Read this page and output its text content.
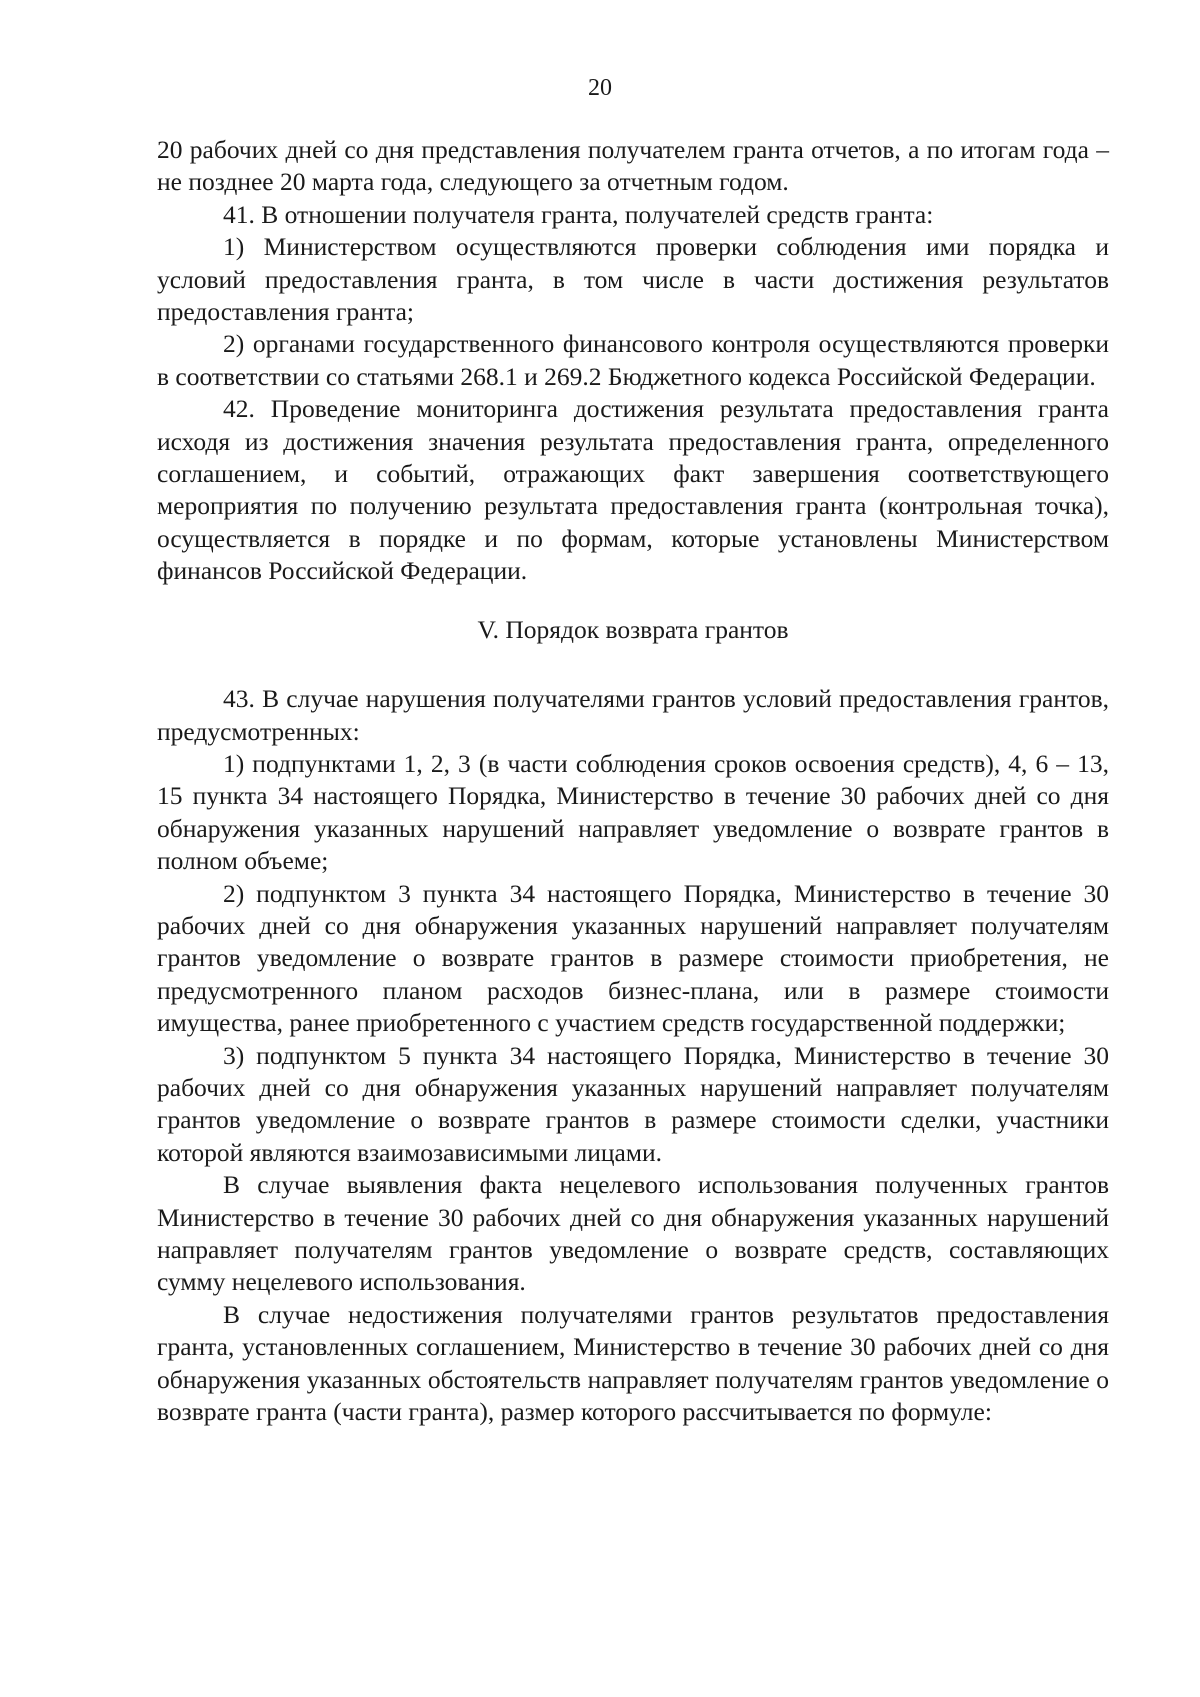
20

20 рабочих дней со дня представления получателем гранта отчетов, а по итогам года – не позднее 20 марта года, следующего за отчетным годом.

41. В отношении получателя гранта, получателей средств гранта:

1) Министерством осуществляются проверки соблюдения ими порядка и условий предоставления гранта, в том числе в части достижения результатов предоставления гранта;

2) органами государственного финансового контроля осуществляются проверки в соответствии со статьями 268.1 и 269.2 Бюджетного кодекса Российской Федерации.

42. Проведение мониторинга достижения результата предоставления гранта исходя из достижения значения результата предоставления гранта, определенного соглашением, и событий, отражающих факт завершения соответствующего мероприятия по получению результата предоставления гранта (контрольная точка), осуществляется в порядке и по формам, которые установлены Министерством финансов Российской Федерации.

V. Порядок возврата грантов

43. В случае нарушения получателями грантов условий предоставления грантов, предусмотренных:

1) подпунктами 1, 2, 3 (в части соблюдения сроков освоения средств), 4, 6 – 13, 15 пункта 34 настоящего Порядка, Министерство в течение 30 рабочих дней со дня обнаружения указанных нарушений направляет уведомление о возврате грантов в полном объеме;

2) подпунктом 3 пункта 34 настоящего Порядка, Министерство в течение 30 рабочих дней со дня обнаружения указанных нарушений направляет получателям грантов уведомление о возврате грантов в размере стоимости приобретения, не предусмотренного планом расходов бизнес-плана, или в размере стоимости имущества, ранее приобретенного с участием средств государственной поддержки;

3) подпунктом 5 пункта 34 настоящего Порядка, Министерство в течение 30 рабочих дней со дня обнаружения указанных нарушений направляет получателям грантов уведомление о возврате грантов в размере стоимости сделки, участники которой являются взаимозависимыми лицами.

В случае выявления факта нецелевого использования полученных грантов Министерство в течение 30 рабочих дней со дня обнаружения указанных нарушений направляет получателям грантов уведомление о возврате средств, составляющих сумму нецелевого использования.

В случае недостижения получателями грантов результатов предоставления гранта, установленных соглашением, Министерство в течение 30 рабочих дней со дня обнаружения указанных обстоятельств направляет получателям грантов уведомление о возврате гранта (части гранта), размер которого рассчитывается по формуле:
